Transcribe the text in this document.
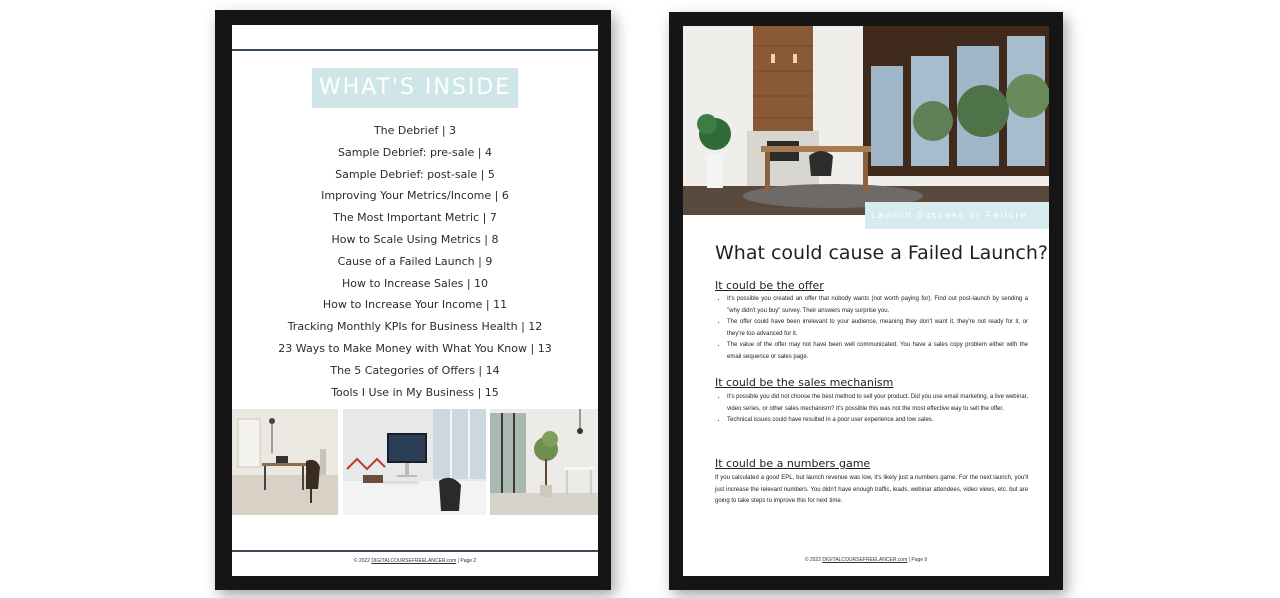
WHAT'S INSIDE
The Debrief | 3
Sample Debrief: pre-sale | 4
Sample Debrief: post-sale | 5
Improving Your Metrics/Income | 6
The Most Important Metric | 7
How to Scale Using Metrics | 8
Cause of a Failed Launch | 9
How to Increase Sales | 10
How to Increase Your Income | 11
Tracking Monthly KPIs for Business Health | 12
23 Ways to Make Money with What You Know | 13
The 5 Categories of Offers | 14
Tools I Use in My Business | 15
© 2022 DIGITALCOURSEFREELANCER.com | Page 2
Launch Success or Failure
What could cause a Failed Launch?
It could be the offer
• It's possible you created an offer that nobody wants (not worth paying for). Find out post-launch by sending a "why didn't you buy" survey. Their answers may surprise you.
• The offer could have been irrelevant to your audience, meaning they don't want it, they're not ready for it, or they're too advanced for it.
• The value of the offer may not have been well communicated. You have a sales copy problem either with the email sequence or sales page.
It could be the sales mechanism
• It's possible you did not choose the best method to sell your product. Did you use email marketing, a live webinar, video series, or other sales mechanism? It's possible this was not the most effective way to sell the offer.
• Technical issues could have resulted in a poor user experience and low sales.
It could be a numbers game

If you calculated a good EPL, but launch revenue was low, it's likely just a numbers game. For the next launch, you'll just increase the relevant numbers. You didn't have enough traffic, leads, webinar attendees, video views, etc. but are going to take steps to improve this for next time.

© 2022 DIGITALCOURSEFREELANCER.com | Page 9
